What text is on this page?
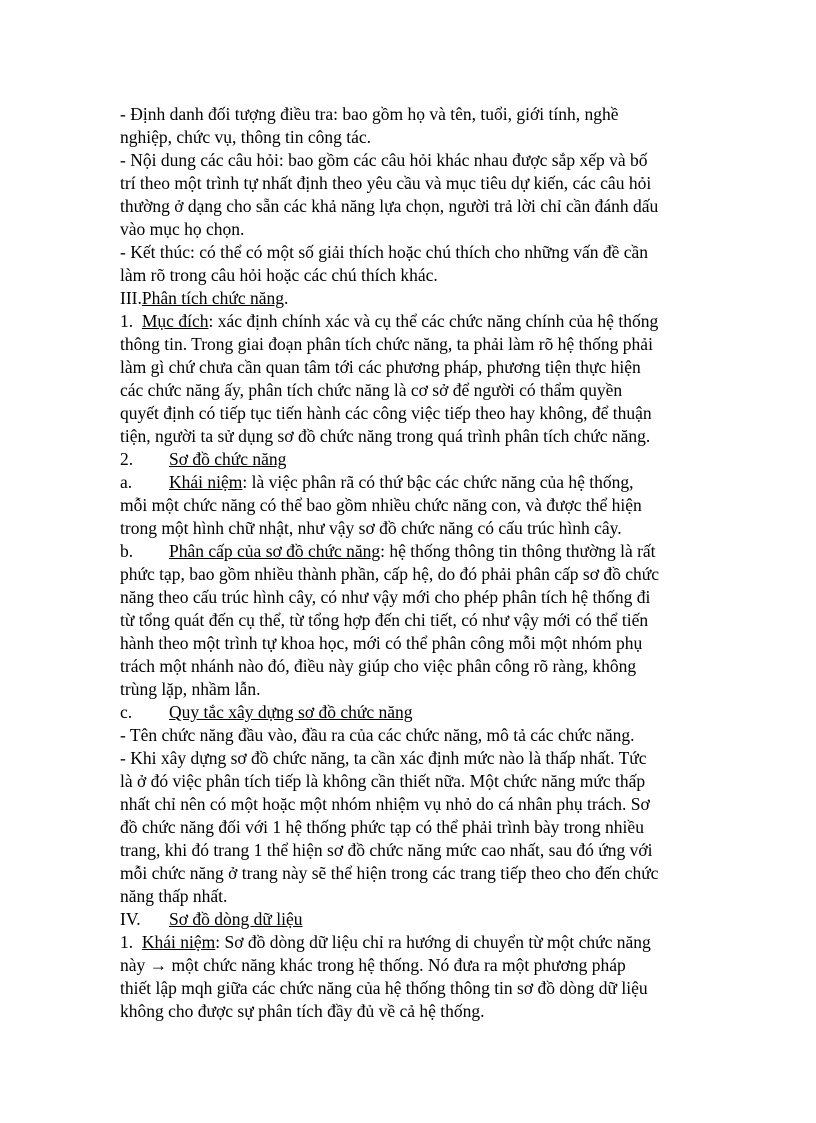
- Định danh đối tượng điều tra: bao gồm họ và tên, tuổi, giới tính, nghề
nghiệp, chức vụ, thông tin công tác.
- Nội dung các câu hỏi: bao gồm các câu hỏi khác nhau được sắp xếp và bố
trí theo một trình tự nhất định theo yêu cầu và mục tiêu dự kiến, các câu hỏi
thường ở dạng cho sẵn các khả năng lựa chọn, người trả lời chỉ cần đánh dấu
vào mục họ chọn.
- Kết thúc: có thể có một số giải thích hoặc chú thích cho những vấn đề cần
làm rõ trong câu hỏi hoặc các chú thích khác.
III.Phân tích chức năng.
1. Mục đích: xác định chính xác và cụ thể các chức năng chính của hệ thống
thông tin. Trong giai đoạn phân tích chức năng, ta phải làm rõ hệ thống phải
làm gì chứ chưa cần quan tâm tới các phương pháp, phương tiện thực hiện
các chức năng ấy, phân tích chức năng là cơ sở để người có thẩm quyền
quyết định có tiếp tục tiến hành các công việc tiếp theo hay không, để thuận
tiện, người ta sử dụng sơ đồ chức năng trong quá trình phân tích chức năng.
2. Sơ đồ chức năng
a. Khái niệm: là việc phân rã có thứ bậc các chức năng của hệ thống,
mỗi một chức năng có thể bao gồm nhiều chức năng con, và được thể hiện
trong một hình chữ nhật, như vậy sơ đồ chức năng có cấu trúc hình cây.
b. Phân cấp của sơ đồ chức năng: hệ thống thông tin thông thường là rất
phức tạp, bao gồm nhiều thành phần, cấp hệ, do đó phải phân cấp sơ đồ chức
năng theo cấu trúc hình cây, có như vậy mới cho phép phân tích hệ thống đi
từ tổng quát đến cụ thể, từ tổng hợp đến chi tiết, có như vậy mới có thể tiến
hành theo một trình tự khoa học, mới có thể phân công mỗi một nhóm phụ
trách một nhánh nào đó, điều này giúp cho việc phân công rõ ràng, không
trùng lặp, nhầm lẫn.
c. Quy tắc xây dựng sơ đồ chức năng
- Tên chức năng đầu vào, đầu ra của các chức năng, mô tả các chức năng.
- Khi xây dựng sơ đồ chức năng, ta cần xác định mức nào là thấp nhất. Tức
là ở đó việc phân tích tiếp là không cần thiết nữa. Một chức năng mức thấp
nhất chỉ nên có một hoặc một nhóm nhiệm vụ nhỏ do cá nhân phụ trách. Sơ
đồ chức năng đối với 1 hệ thống phức tạp có thể phải trình bày trong nhiều
trang, khi đó trang 1 thể hiện sơ đồ chức năng mức cao nhất, sau đó ứng với
mỗi chức năng ở trang này sẽ thể hiện trong các trang tiếp theo cho đến chức
năng thấp nhất.
IV. Sơ đồ dòng dữ liệu
1. Khái niệm: Sơ đồ dòng dữ liệu chỉ ra hướng di chuyển từ một chức năng
này → một chức năng khác trong hệ thống. Nó đưa ra một phương pháp
thiết lập mqh giữa các chức năng của hệ thống thông tin sơ đồ dòng dữ liệu
không cho được sự phân tích đầy đủ về cả hệ thống.
